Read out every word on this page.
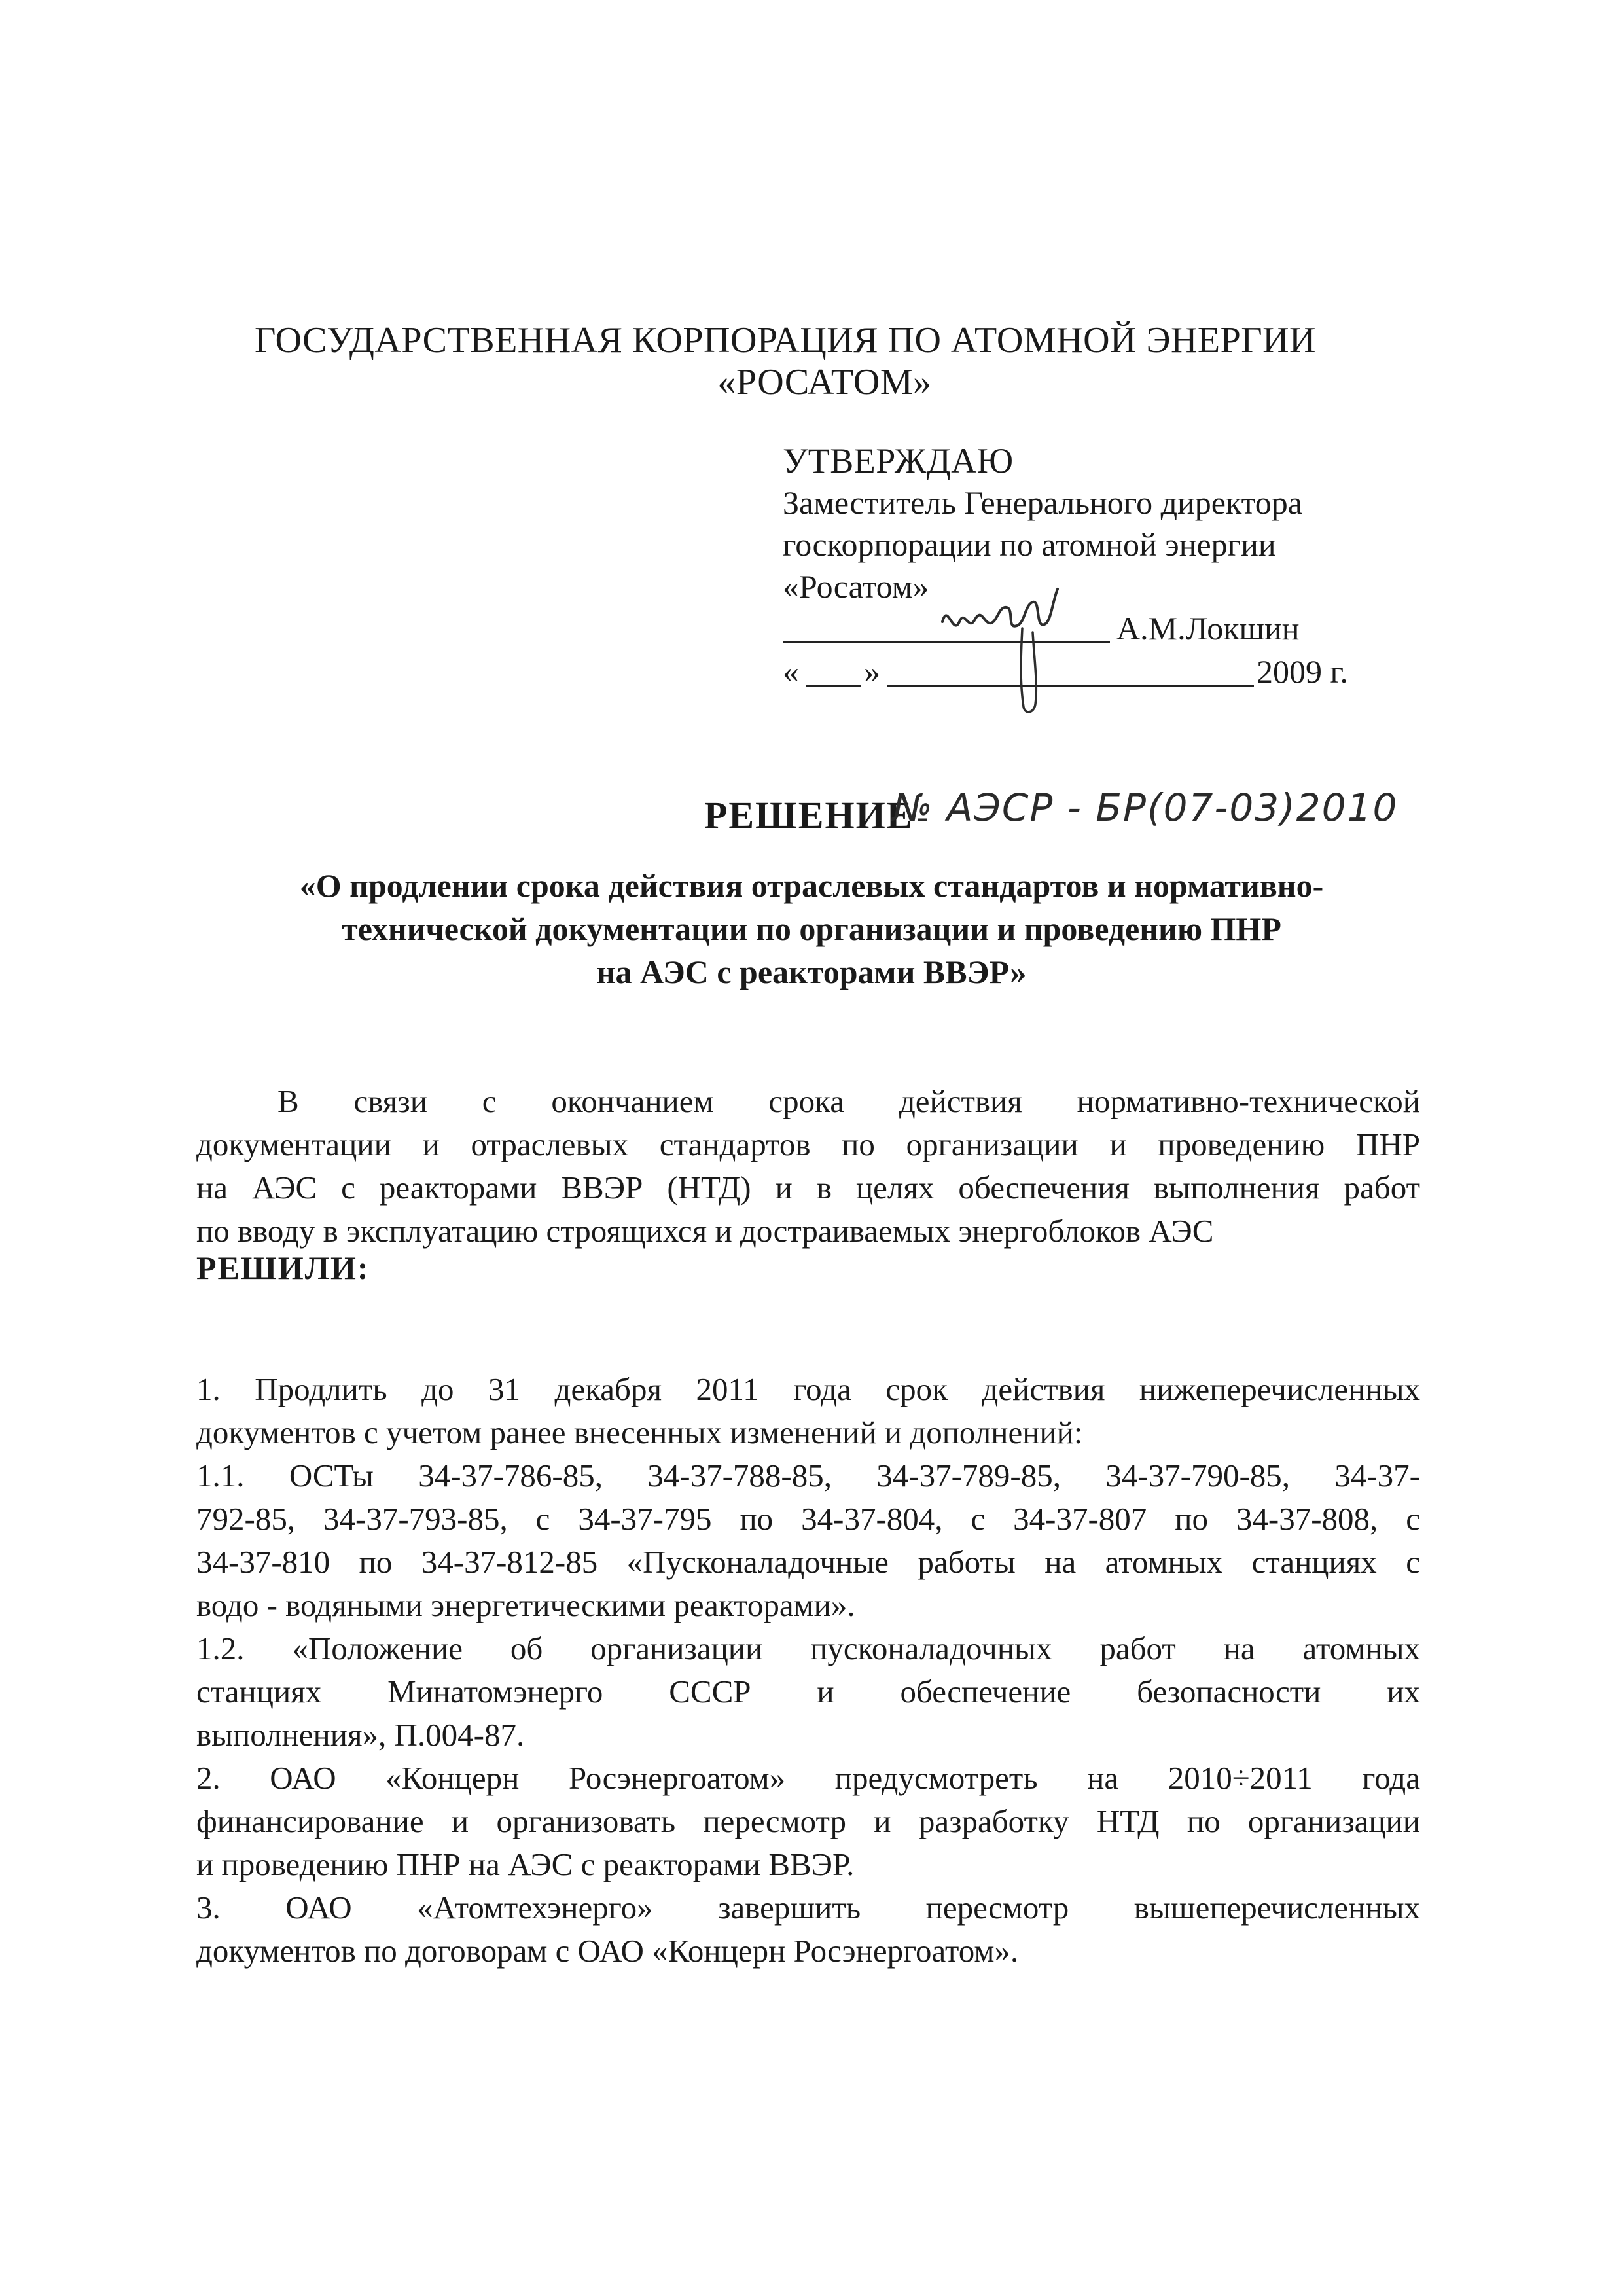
ГОСУДАРСТВЕННАЯ КОРПОРАЦИЯ ПО АТОМНОЙ ЭНЕРГИИ
«РОСАТОМ»
УТВЕРЖДАЮ
Заместитель Генерального директора
госкорпорации по атомной энергии
«Росатом»
А.М.Локшин
« »	2009 г.
РЕШЕНИЕ
№ АЭСР - БР(07-03)2010
«О продлении срока действия отраслевых стандартов и нормативно-
технической документации по организации и проведению ПНР
на АЭС с реакторами ВВЭР»
В связи с окончанием срока действия нормативно-технической
документации и отраслевых стандартов по организации и проведению ПНР
на АЭС с реакторами ВВЭР (НТД) и в целях обеспечения выполнения работ
по вводу в эксплуатацию строящихся и достраиваемых энергоблоков АЭС
РЕШИЛИ:
1. Продлить до 31 декабря 2011 года срок действия нижеперечисленных
документов с учетом ранее внесенных изменений и дополнений:
1.1. ОСТы 34-37-786-85, 34-37-788-85, 34-37-789-85, 34-37-790-85, 34-37-
792-85, 34-37-793-85, с 34-37-795 по 34-37-804, с 34-37-807 по 34-37-808, с
34-37-810 по 34-37-812-85 «Пусконаладочные работы на атомных станциях с
водо - водяными энергетическими реакторами».
1.2. «Положение об организации пусконаладочных работ на атомных
станциях Минатомэнерго СССР и обеспечение безопасности их
выполнения», П.004-87.
2. ОАО «Концерн Росэнергоатом» предусмотреть на 2010÷2011 года
финансирование и организовать пересмотр и разработку НТД по организации
и проведению ПНР на АЭС с реакторами ВВЭР.
3. ОАО «Атомтехэнерго» завершить пересмотр вышеперечисленных
документов по договорам с ОАО «Концерн Росэнергоатом».
